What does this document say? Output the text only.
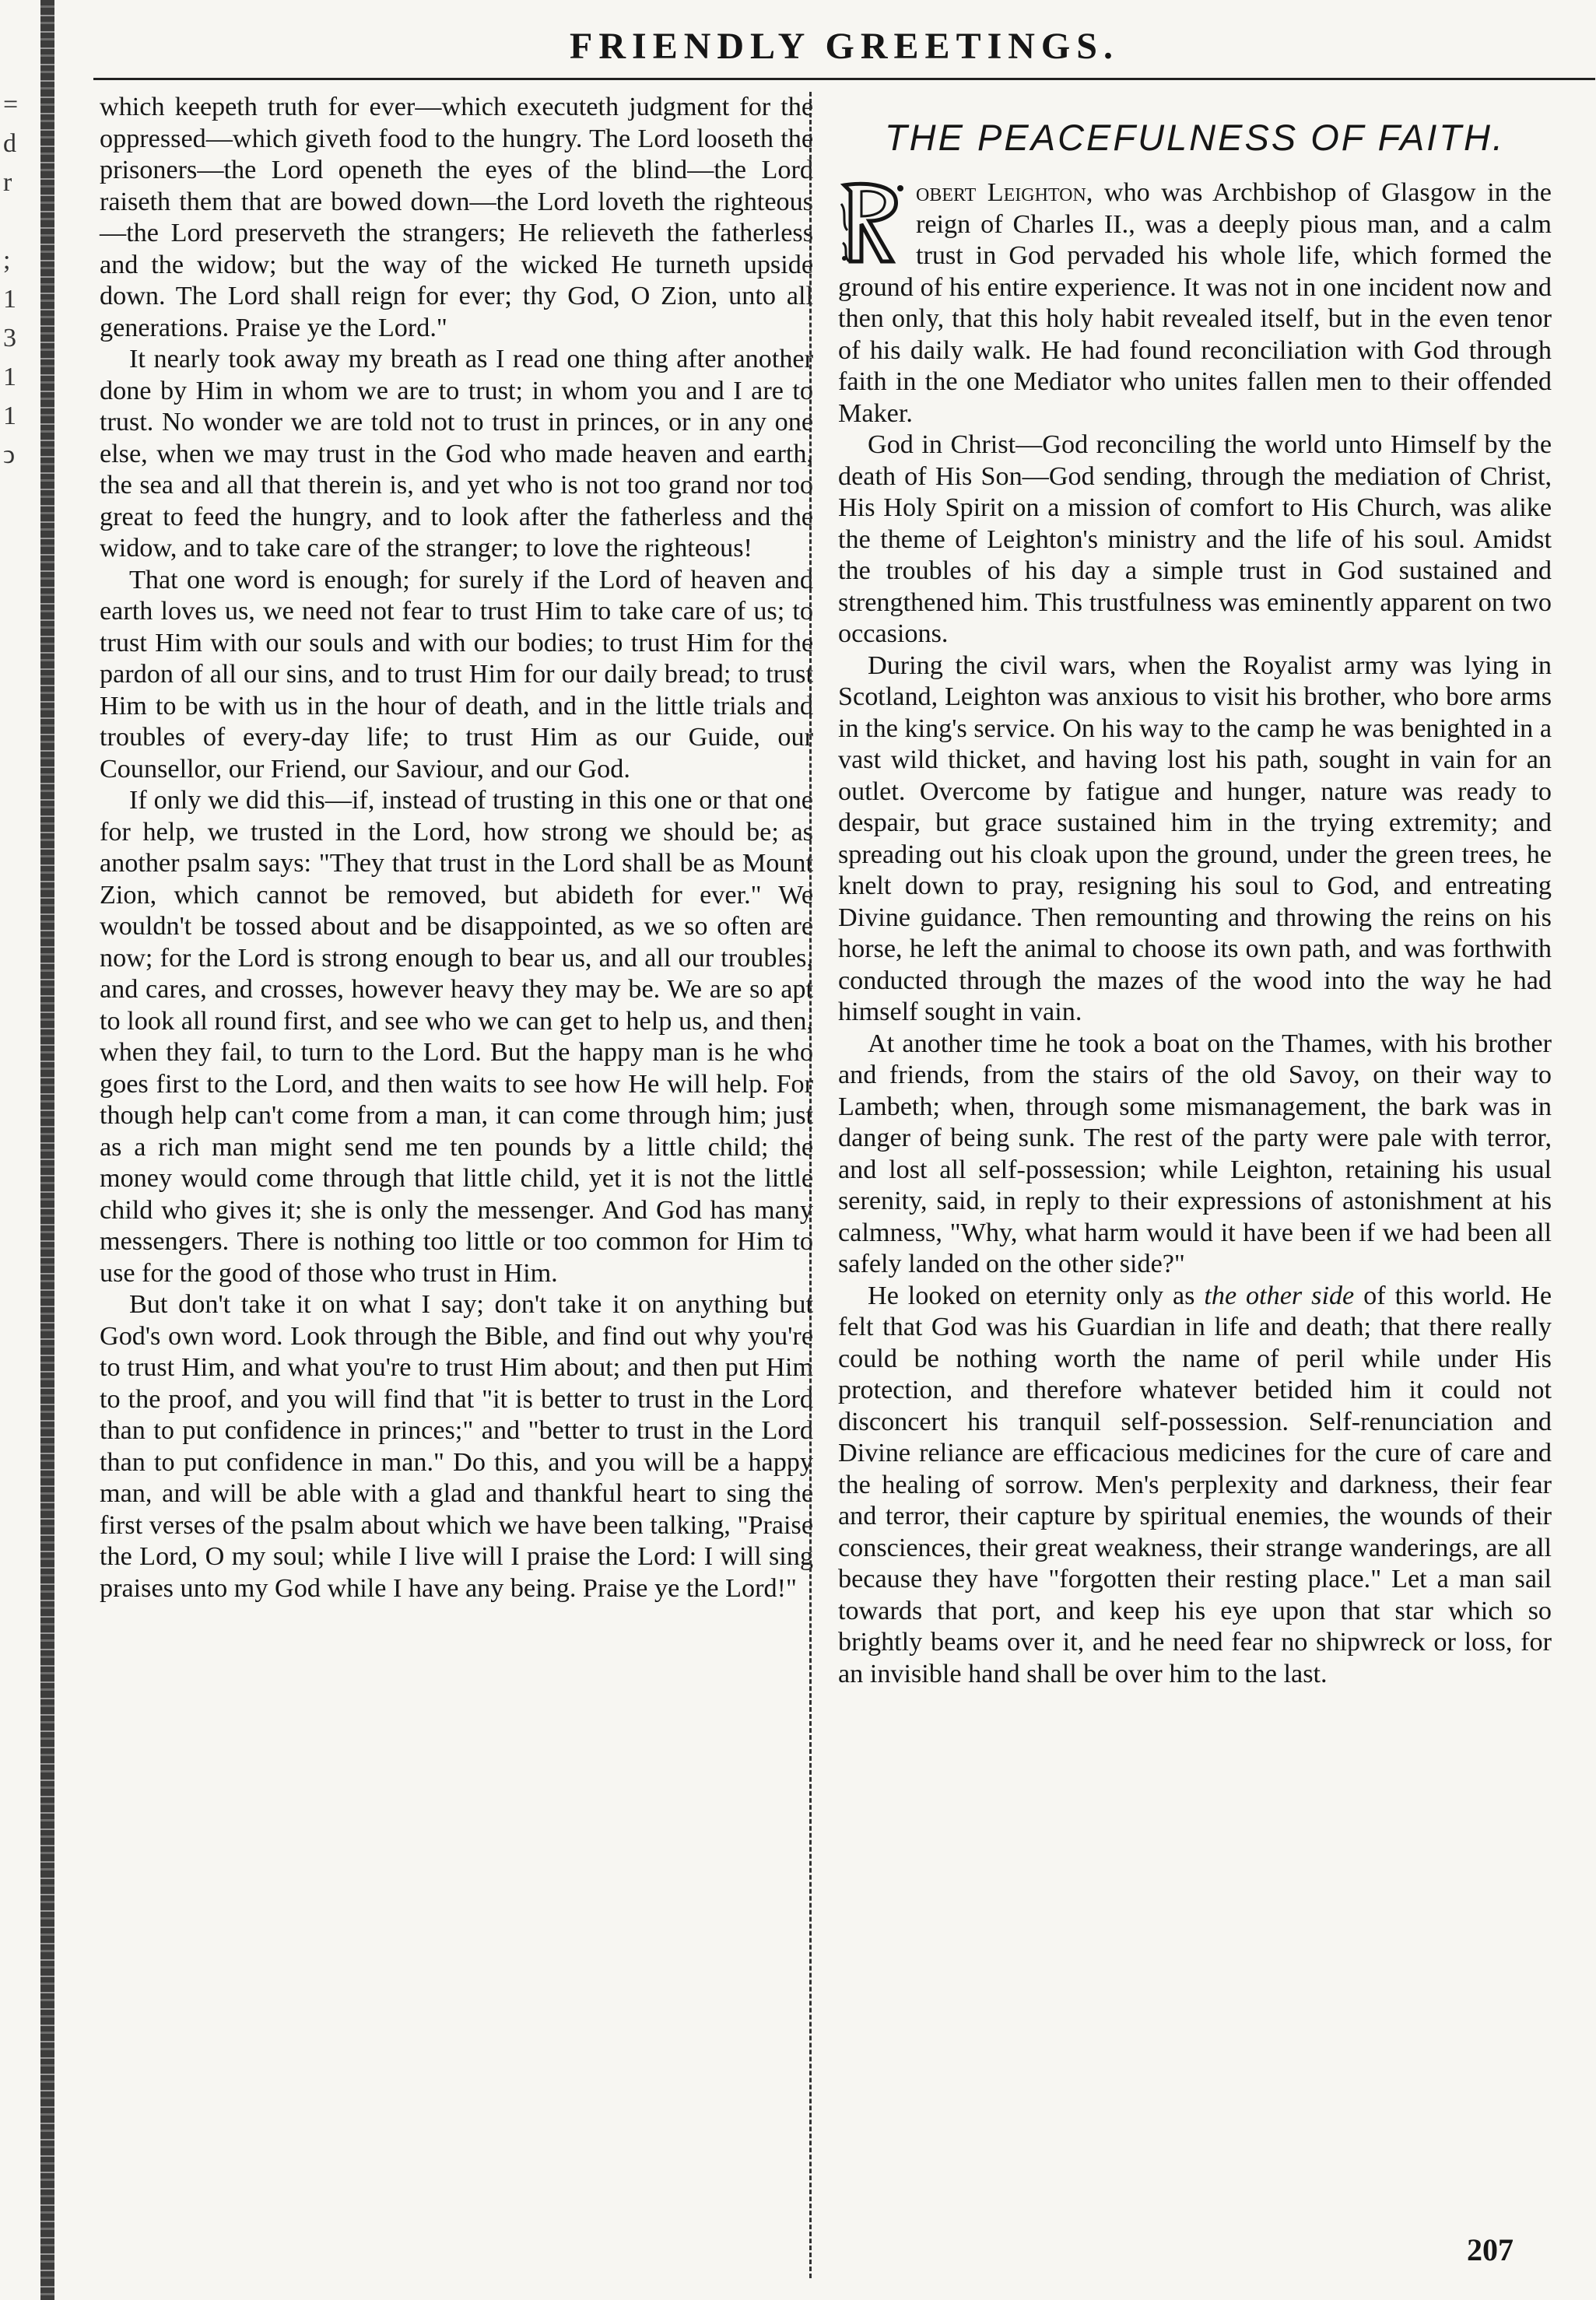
=
d
r
;
1
3
1
1
ↄ
FRIENDLY GREETINGS.

which keepeth truth for ever—which executeth judgment for the oppressed—which giveth food to the hungry. The Lord looseth the prisoners—the Lord openeth the eyes of the blind—the Lord raiseth them that are bowed down—the Lord loveth the righteous —the Lord preserveth the strangers; He relieveth the fatherless and the widow; but the way of the wicked He turneth upside down. The Lord shall reign for ever; thy God, O Zion, unto all generations. Praise ye the Lord."

It nearly took away my breath as I read one thing after another done by Him in whom we are to trust; in whom you and I are to trust. No wonder we are told not to trust in princes, or in any one else, when we may trust in the God who made heaven and earth, the sea and all that therein is, and yet who is not too grand nor too great to feed the hungry, and to look after the fatherless and the widow, and to take care of the stranger; to love the righteous!

That one word is enough; for surely if the Lord of heaven and earth loves us, we need not fear to trust Him to take care of us; to trust Him with our souls and with our bodies; to trust Him for the pardon of all our sins, and to trust Him for our daily bread; to trust Him to be with us in the hour of death, and in the little trials and troubles of every-day life; to trust Him as our Guide, our Counsellor, our Friend, our Saviour, and our God.

If only we did this—if, instead of trusting in this one or that one for help, we trusted in the Lord, how strong we should be; as another psalm says: "They that trust in the Lord shall be as Mount Zion, which cannot be removed, but abideth for ever." We wouldn't be tossed about and be disappointed, as we so often are now; for the Lord is strong enough to bear us, and all our troubles, and cares, and crosses, however heavy they may be. We are so apt to look all round first, and see who we can get to help us, and then, when they fail, to turn to the Lord. But the happy man is he who goes first to the Lord, and then waits to see how He will help. For though help can't come from a man, it can come through him; just as a rich man might send me ten pounds by a little child; the money would come through that little child, yet it is not the little child who gives it; she is only the messenger. And God has many messengers. There is nothing too little or too common for Him to use for the good of those who trust in Him.

But don't take it on what I say; don't take it on anything but God's own word. Look through the Bible, and find out why you're to trust Him, and what you're to trust Him about; and then put Him to the proof, and you will find that "it is better to trust in the Lord than to put confidence in princes;" and "better to trust in the Lord than to put confidence in man." Do this, and you will be a happy man, and will be able with a glad and thankful heart to sing the first verses of the psalm about which we have been talking, "Praise the Lord, O my soul; while I live will I praise the Lord: I will sing praises unto my God while I have any being. Praise ye the Lord!"

THE PEACEFULNESS OF FAITH.

obert Leighton, who was Archbishop of Glasgow in the reign of Charles II., was a deeply pious man, and a calm trust in God pervaded his whole life, which formed the ground of his entire experience. It was not in one incident now and then only, that this holy habit revealed itself, but in the even tenor of his daily walk. He had found reconciliation with God through faith in the one Mediator who unites fallen men to their offended Maker.

God in Christ—God reconciling the world unto Himself by the death of His Son—God sending, through the mediation of Christ, His Holy Spirit on a mission of comfort to His Church, was alike the theme of Leighton's ministry and the life of his soul. Amidst the troubles of his day a simple trust in God sustained and strengthened him. This trustfulness was eminently apparent on two occasions.

During the civil wars, when the Royalist army was lying in Scotland, Leighton was anxious to visit his brother, who bore arms in the king's service. On his way to the camp he was benighted in a vast wild thicket, and having lost his path, sought in vain for an outlet. Overcome by fatigue and hunger, nature was ready to despair, but grace sustained him in the trying extremity; and spreading out his cloak upon the ground, under the green trees, he knelt down to pray, resigning his soul to God, and entreating Divine guidance. Then remounting and throwing the reins on his horse, he left the animal to choose its own path, and was forthwith conducted through the mazes of the wood into the way he had himself sought in vain.

At another time he took a boat on the Thames, with his brother and friends, from the stairs of the old Savoy, on their way to Lambeth; when, through some mismanagement, the bark was in danger of being sunk. The rest of the party were pale with terror, and lost all self-possession; while Leighton, retaining his usual serenity, said, in reply to their expressions of astonishment at his calmness, "Why, what harm would it have been if we had been all safely landed on the other side?"

He looked on eternity only as the other side of this world. He felt that God was his Guardian in life and death; that there really could be nothing worth the name of peril while under His protection, and therefore whatever betided him it could not disconcert his tranquil self-possession. Self-renunciation and Divine reliance are efficacious medicines for the cure of care and the healing of sorrow. Men's perplexity and darkness, their fear and terror, their capture by spiritual enemies, the wounds of their consciences, their great weakness, their strange wanderings, are all because they have "forgotten their resting place." Let a man sail towards that port, and keep his eye upon that star which so brightly beams over it, and he need fear no shipwreck or loss, for an invisible hand shall be over him to the last.

207
